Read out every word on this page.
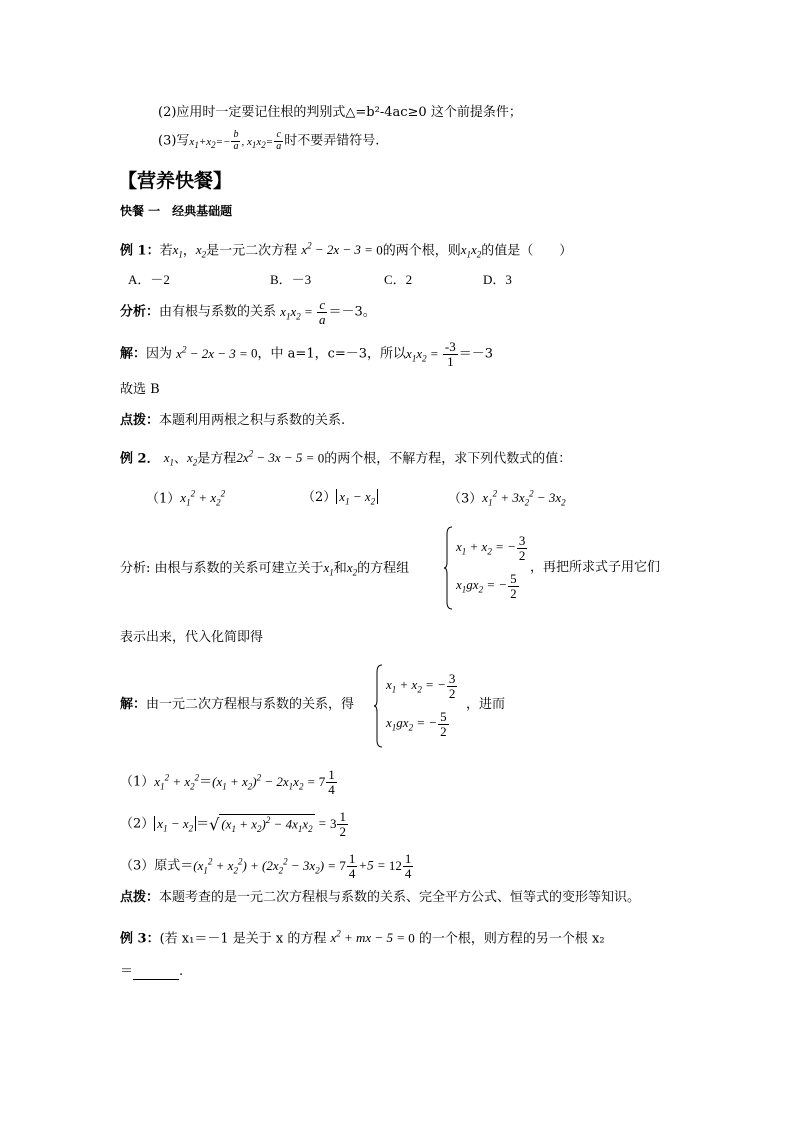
(2)应用时一定要记住根的判别式△=b²-4ac≥0 这个前提条件；
(3)写$x_1+x_2=- \frac{b}{a}$ , $x_1x_2= \frac{c}{a}$ 时不要弄错符号.
【营养快餐】
快餐 一　经典基础题
例 1：若$x_1$，$x_2$是一元二次方程 $x^2 - 2x - 3 = 0$的两个根，则$x_1x_2$的值是（　　）
A．－2	B．－3	C．2	D．3
分析：由有根与系数的关系 $x_1x_2 = \frac{c}{a} =-3$。
解：因为 $x^2 - 2x - 3 = 0$，中 a=1，c=－3，所以$x_1x_2 = \frac{-3}{1} =-3$
故选 B
点拨：本题利用两根之积与系数的关系.
例 2． $x_1$、$x_2$是方程$2x^2 - 3x - 5 = 0$的两个根，不解方程，求下列代数式的值：
$(1)x_1^2 + x_2^2$	（2） $x_1 - x_2$	$(3)x_1^2 + 3x_2^2 - 3x_2$
分析: 由根与系数的关系可建立关于$x_1$和$x_2$的方程组
$x_1 + x_2$ = − $\frac{3}{2}$
$x_1gx_2$ = − $\frac{5}{2}$
，再把所求式子用它们
表示出来，代入化简即得
解：由一元二次方程根与系数的关系，得
$x_1 + x_2$ = − $\frac{3}{2}$
$x_1gx_2$ = − $\frac{5}{2}$
，进而
$(1)x_1^2 + x_2^2=(x_1 + x_2)^2 - 2x_1x_2 = 7 \frac{1}{4}$
（2） $x_1 - x_2$ ＝ √ $(x_1 + x_2)^2 - 4x_1x_2 = 3 \frac{1}{2}$
（3）原式$=(x_1^2 + x_2^2) + (2x_2^2 - 3x_2) = 7 \frac{1}{4} +5 = 12 \frac{1}{4}$
点拨：本题考查的是一元二次方程根与系数的关系、完全平方公式、恒等式的变形等知识。
例 3：(若 x₁＝－1 是关于 x 的方程 $x^2$ + mx − 5 = 0 的一个根，则方程的另一个根 x₂
＝	.
